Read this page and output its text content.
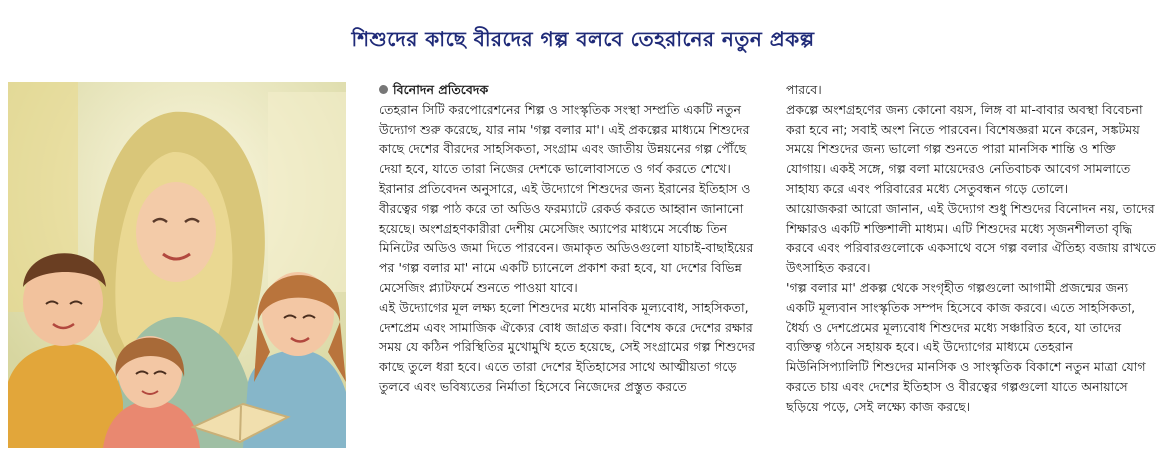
শিশুদের কাছে বীরদের গল্প বলবে তেহরানের নতুন প্রকল্প
বিনোদন প্রতিবেদক

তেহরান সিটি করপোরেশনের শিল্প ও সাংস্কৃতিক সংস্থা সম্প্রতি একটি নতুন উদ্যোগ শুরু করেছে, যার নাম 'গল্প বলার মা'। এই প্রকল্পের মাধ্যমে শিশুদের কাছে দেশের বীরদের সাহসিকতা, সংগ্রাম এবং জাতীয় উন্নয়নের গল্প পৌঁছে দেয়া হবে, যাতে তারা নিজের দেশকে ভালোবাসতে ও গর্ব করতে শেখে।

ইরানার প্রতিবেদন অনুসারে, এই উদ্যোগে শিশুদের জন্য ইরানের ইতিহাস ও বীরত্বের গল্প পাঠ করে তা অডিও ফরম্যাটে রেকর্ড করতে আহ্বান জানানো হয়েছে। অংশগ্রহণকারীরা দেশীয় মেসেজিং অ্যাপের মাধ্যমে সর্বোচ্চ তিন মিনিটের অডিও জমা দিতে পারবেন। জমাকৃত অডিওগুলো যাচাই-বাছাইয়ের পর 'গল্প বলার মা' নামে একটি চ্যানেলে প্রকাশ করা হবে, যা দেশের বিভিন্ন মেসেজিং প্ল্যাটফর্মে শুনতে পাওয়া যাবে।

এই উদ্যোগের মূল লক্ষ্য হলো শিশুদের মধ্যে মানবিক মূল্যবোধ, সাহসিকতা, দেশপ্রেম এবং সামাজিক ঐক্যের বোধ জাগ্রত করা। বিশেষ করে দেশের রক্ষার সময় যে কঠিন পরিস্থিতির মুখোমুখি হতে হয়েছে, সেই সংগ্রামের গল্প শিশুদের কাছে তুলে ধরা হবে। এতে তারা দেশের ইতিহাসের সাথে আত্মীয়তা গড়ে তুলবে এবং ভবিষ্যতের নির্মাতা হিসেবে নিজেদের প্রস্তুত করতে

পারবে।

প্রকল্পে অংশগ্রহণের জন্য কোনো বয়স, লিঙ্গ বা মা-বাবার অবস্থা বিবেচনা করা হবে না; সবাই অংশ নিতে পারবেন। বিশেষজ্ঞরা মনে করেন, সঙ্কটময় সময়ে শিশুদের জন্য ভালো গল্প শুনতে পারা মানসিক শান্তি ও শক্তি যোগায়। একই সঙ্গে, গল্প বলা মায়েদেরও নেতিবাচক আবেগ সামলাতে সাহায্য করে এবং পরিবারের মধ্যে সেতুবন্ধন গড়ে তোলে।

আয়োজকরা আরো জানান, এই উদ্যোগ শুধু শিশুদের বিনোদন নয়, তাদের শিক্ষারও একটি শক্তিশালী মাধ্যম। এটি শিশুদের মধ্যে সৃজনশীলতা বৃদ্ধি করবে এবং পরিবারগুলোকে একসাথে বসে গল্প বলার ঐতিহ্য বজায় রাখতে উৎসাহিত করবে।

'গল্প বলার মা' প্রকল্প থেকে সংগৃহীত গল্পগুলো আগামী প্রজন্মের জন্য একটি মূল্যবান সাংস্কৃতিক সম্পদ হিসেবে কাজ করবে। এতে সাহসিকতা, ধৈর্য্য ও দেশপ্রেমের মূল্যবোধ শিশুদের মধ্যে সঞ্চারিত হবে, যা তাদের ব্যক্তিত্ব গঠনে সহায়ক হবে। এই উদ্যোগের মাধ্যমে তেহরান মিউনিসিপ্যালিটি শিশুদের মানসিক ও সাংস্কৃতিক বিকাশে নতুন মাত্রা যোগ করতে চায় এবং দেশের ইতিহাস ও বীরত্বের গল্পগুলো যাতে অনায়াসে ছড়িয়ে পড়ে, সেই লক্ষ্যে কাজ করছে।
